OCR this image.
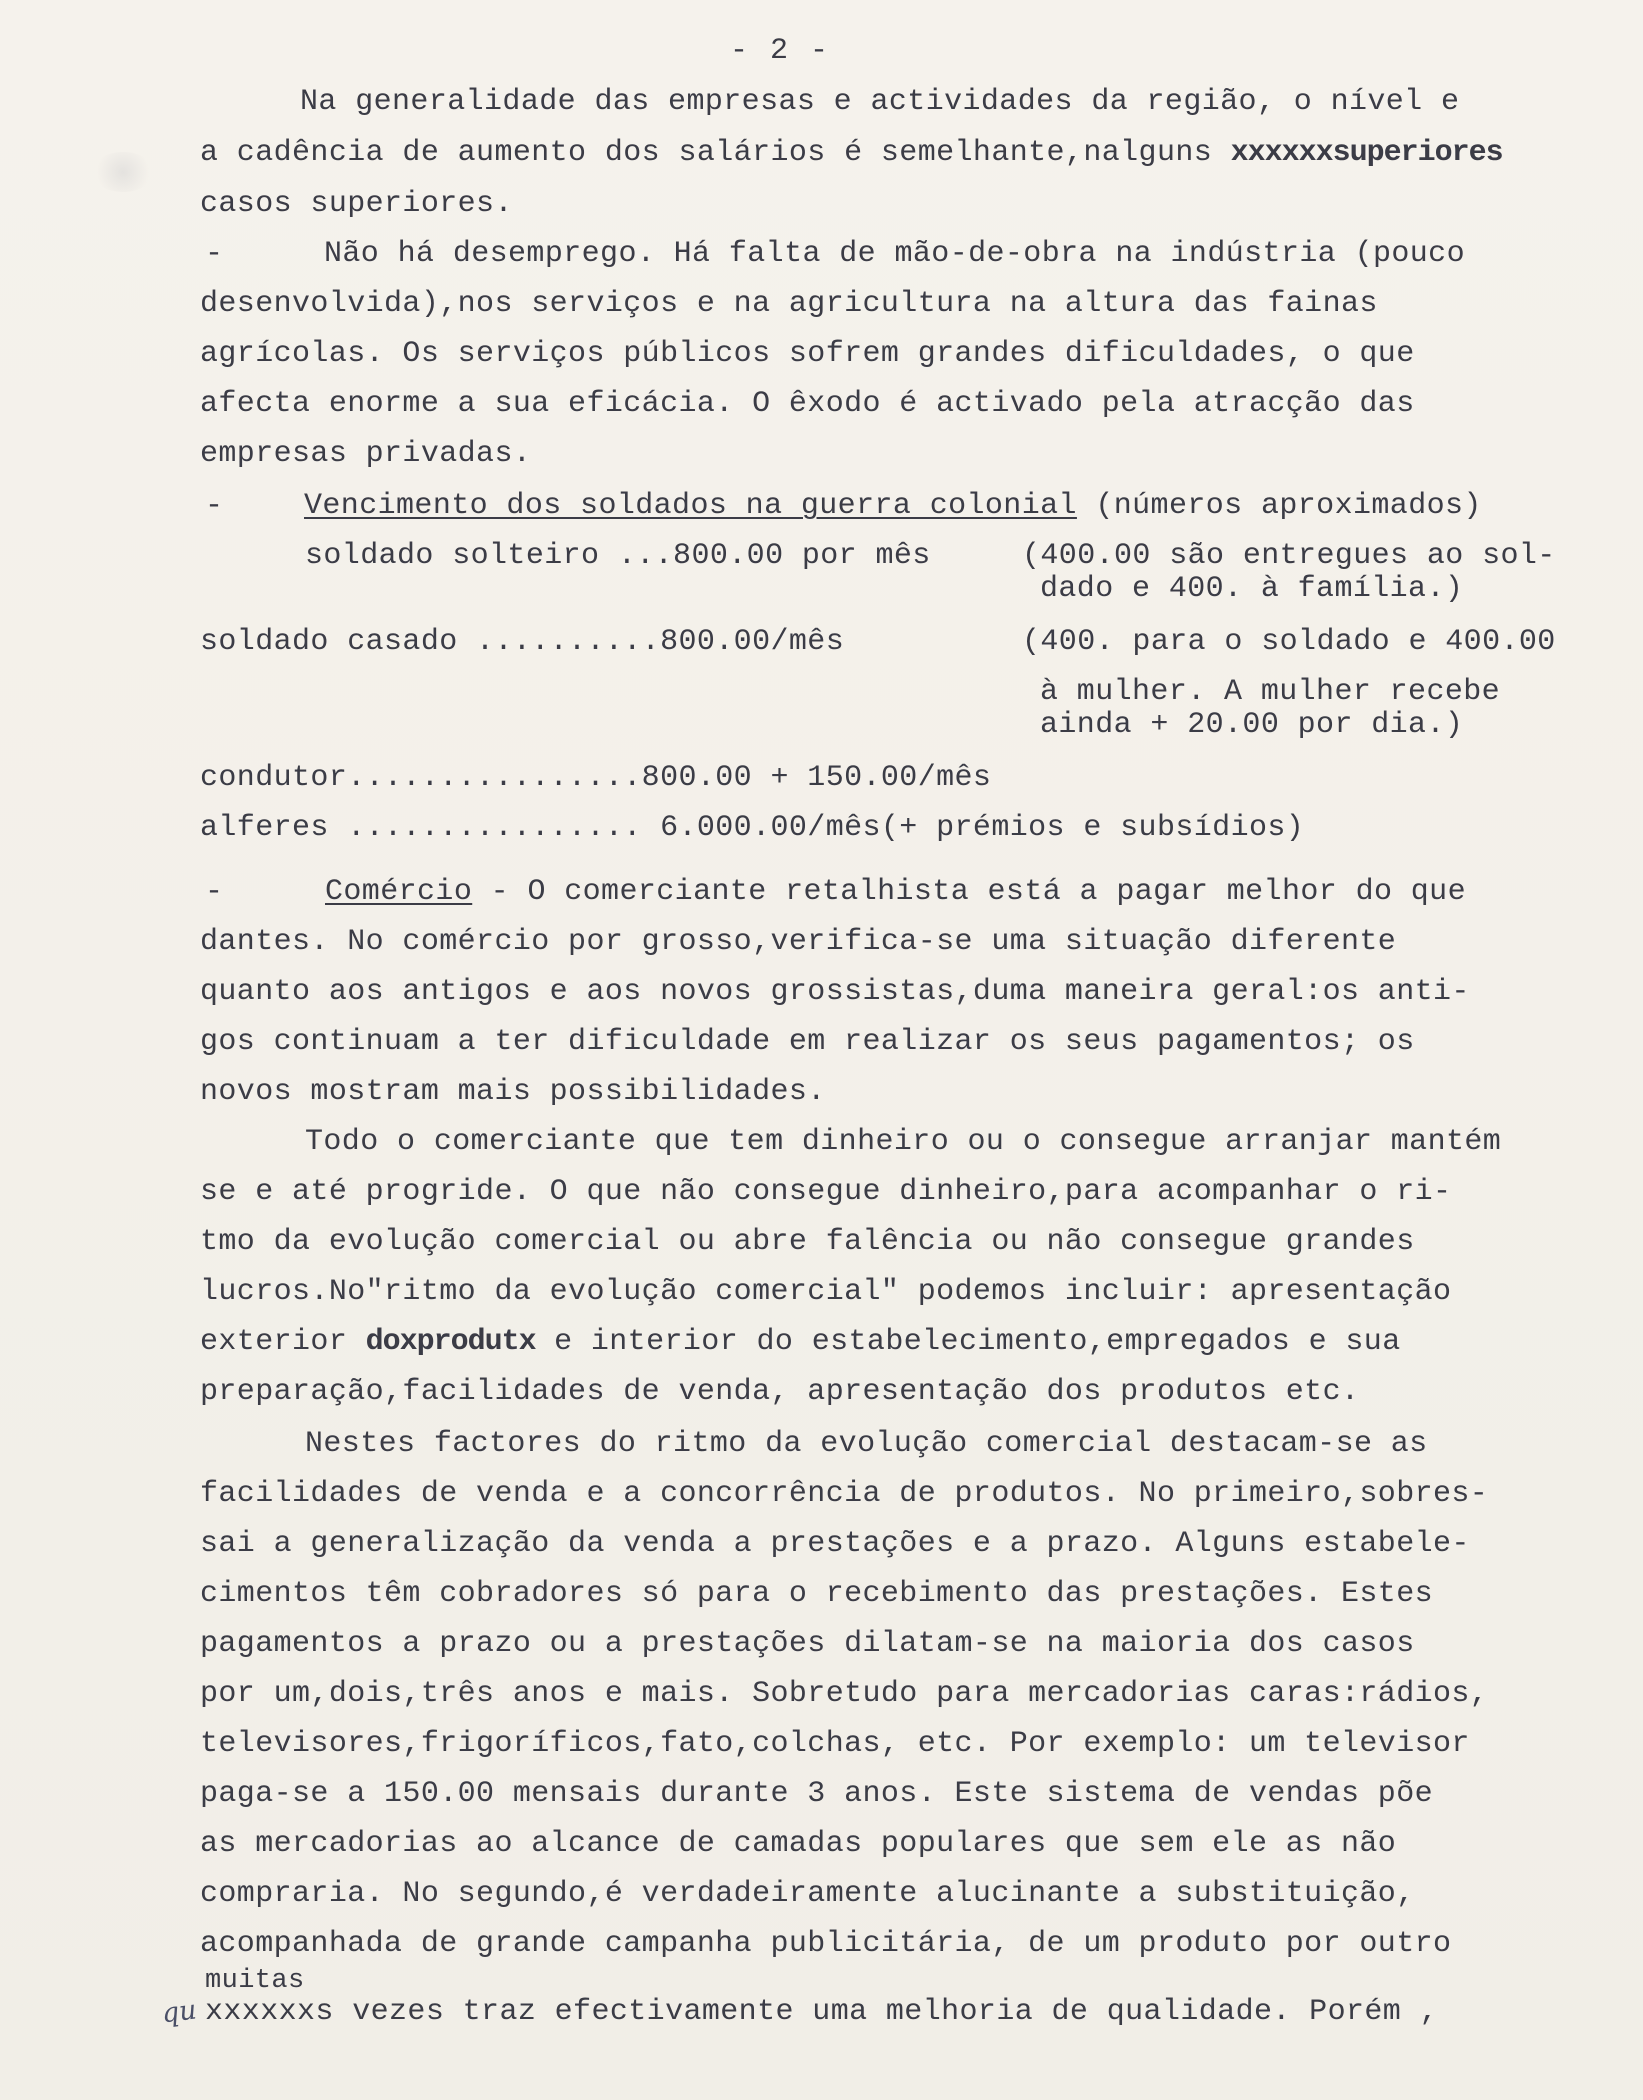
- 2 -
Na generalidade das empresas e actividades da região, o nível e
a cadência de aumento dos salários é semelhante,nalguns xxxxxxsuperiores
casos superiores.
-	Não há desemprego. Há falta de mão-de-obra na indústria (pouco
desenvolvida),nos serviços e na agricultura na altura das fainas
agrícolas. Os serviços públicos sofrem grandes dificuldades, o que
afecta enorme a sua eficácia. O êxodo é activado pela atracção das
empresas privadas.
-	Vencimento dos soldados na guerra colonial (números aproximados)
soldado solteiro ...800.00 por mês	(400.00 são entregues ao sol-
dado e 400. à família.)
soldado casado ..........800.00/mês	(400. para o soldado e 400.00
à mulher. A mulher recebe
ainda + 20.00 por dia.)
condutor................800.00 + 150.00/mês
alferes ................ 6.000.00/mês(+ prémios e subsídios)
-	Comércio - O comerciante retalhista está a pagar melhor do que
dantes. No comércio por grosso,verifica-se uma situação diferente
quanto aos antigos e aos novos grossistas,duma maneira geral:os anti-
gos continuam a ter dificuldade em realizar os seus pagamentos; os
novos mostram mais possibilidades.
Todo o comerciante que tem dinheiro ou o consegue arranjar mantém
se e até progride. O que não consegue dinheiro,para acompanhar o ri-
tmo da evolução comercial ou abre falência ou não consegue grandes
lucros.No"ritmo da evolução comercial" podemos incluir: apresentação
exterior doxprodutx e interior do estabelecimento,empregados e sua
preparação,facilidades de venda, apresentação dos produtos etc.
Nestes factores do ritmo da evolução comercial destacam-se as
facilidades de venda e a concorrência de produtos. No primeiro,sobres-
sai a generalização da venda a prestações e a prazo. Alguns estabele-
cimentos têm cobradores só para o recebimento das prestações. Estes
pagamentos a prazo ou a prestações dilatam-se na maioria dos casos
por um,dois,três anos e mais. Sobretudo para mercadorias caras:rádios,
televisores,frigoríficos,fato,colchas, etc. Por exemplo: um televisor
paga-se a 150.00 mensais durante 3 anos. Este sistema de vendas põe
as mercadorias ao alcance de camadas populares que sem ele as não
compraria. No segundo,é verdadeiramente alucinante a substituição,
acompanhada de grande campanha publicitária, de um produto por outro
muitas
xxxxxxs vezes traz efectivamente uma melhoria de qualidade. Porém ,
qu
